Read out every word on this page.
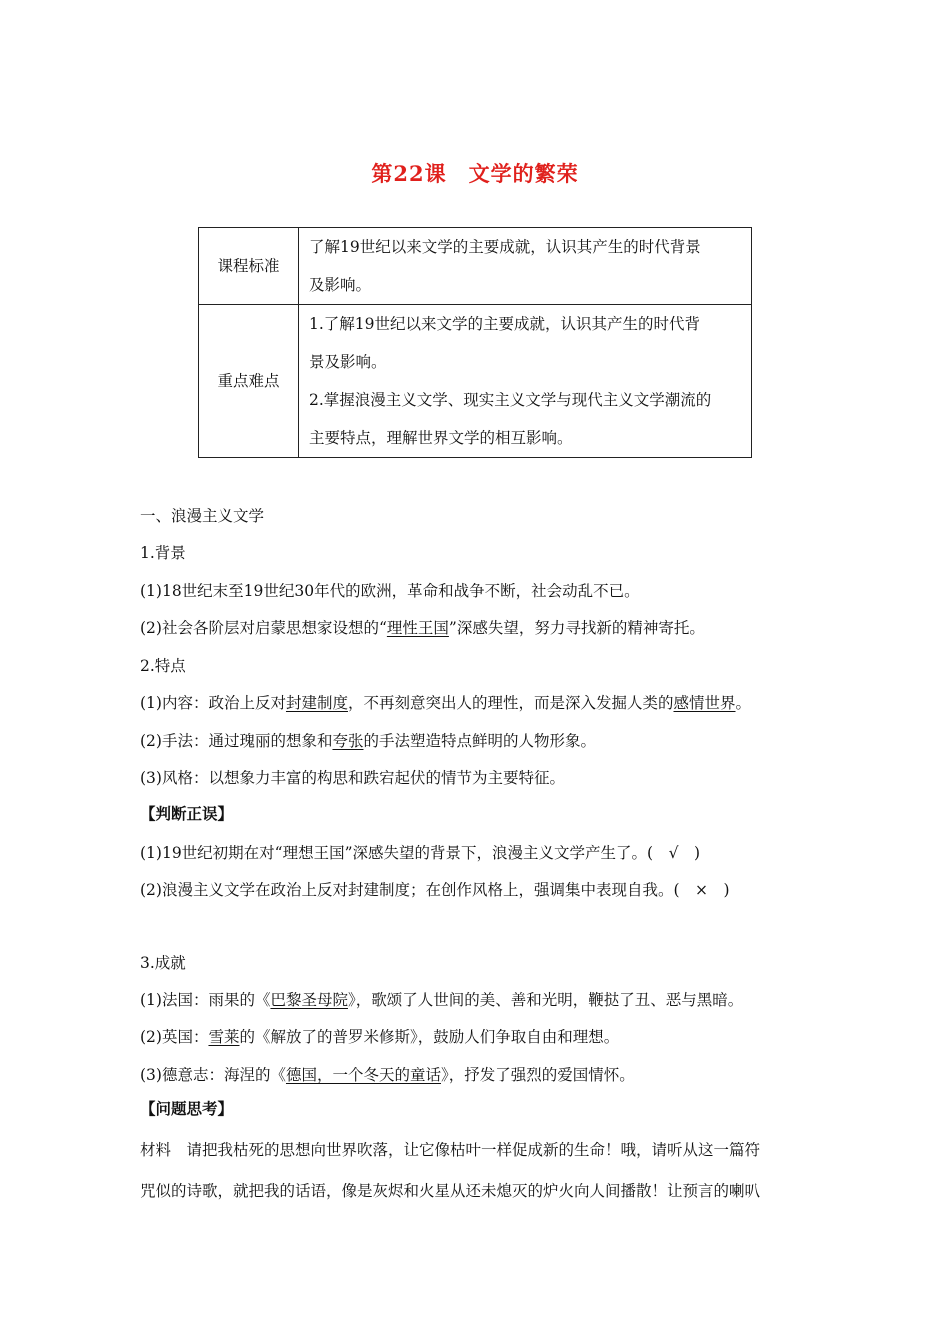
第22课　文学的繁荣
课程标准	了解19世纪以来文学的主要成就，认识其产生的时代背景
及影响。

重点难点	1.了解19世纪以来文学的主要成就，认识其产生的时代背
景及影响。
2.掌握浪漫主义文学、现实主义文学与现代主义文学潮流的
主要特点，理解世界文学的相互影响。
一、浪漫主义文学
1.背景
(1)18世纪末至19世纪30年代的欧洲，革命和战争不断，社会动乱不已。
(2)社会各阶层对启蒙思想家设想的“理性王国”深感失望，努力寻找新的精神寄托。
2.特点
(1)内容：政治上反对封建制度，不再刻意突出人的理性，而是深入发掘人类的感情世界。
(2)手法：通过瑰丽的想象和夸张的手法塑造特点鲜明的人物形象。
(3)风格：以想象力丰富的构思和跌宕起伏的情节为主要特征。
【判断正误】
(1)19世纪初期在对“理想王国”深感失望的背景下，浪漫主义文学产生了。(　√　)
(2)浪漫主义文学在政治上反对封建制度；在创作风格上，强调集中表现自我。(　×　)
3.成就
(1)法国：雨果的《巴黎圣母院》，歌颂了人世间的美、善和光明，鞭挞了丑、恶与黑暗。
(2)英国：雪莱的《解放了的普罗米修斯》，鼓励人们争取自由和理想。
(3)德意志：海涅的《德国，一个冬天的童话》，抒发了强烈的爱国情怀。
【问题思考】
材料　请把我枯死的思想向世界吹落，让它像枯叶一样促成新的生命！哦，请听从这一篇符
咒似的诗歌，就把我的话语，像是灰烬和火星从还未熄灭的炉火向人间播散！让预言的喇叭
